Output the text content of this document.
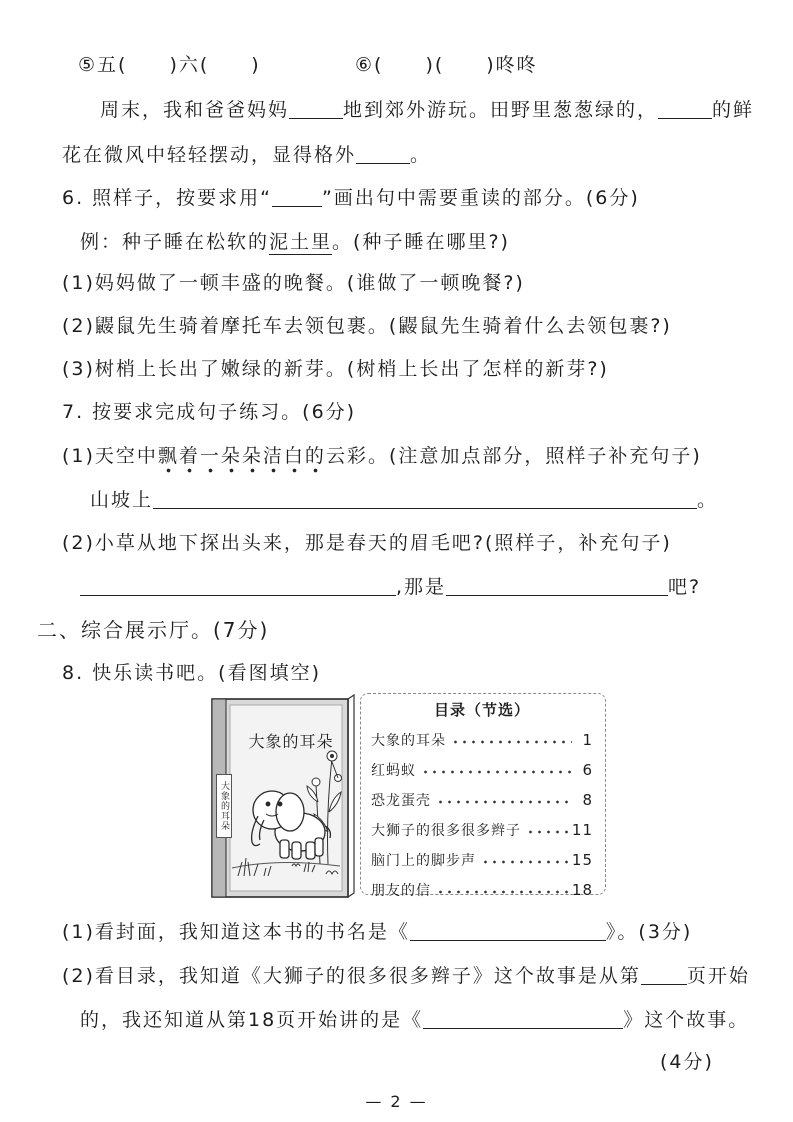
⑤五(　　)六(　　)	⑥(　　)(　　)咚咚
周末，我和爸爸妈妈	地到郊外游玩。田野里葱葱绿的，	的鲜
花在微风中轻轻摆动，显得格外	。
6. 照样子，按要求用“	”画出句中需要重读的部分。(6分)
例：种子睡在松软的泥土里。(种子睡在哪里?)
(1)妈妈做了一顿丰盛的晚餐。(谁做了一顿晚餐?)
(2)鼹鼠先生骑着摩托车去领包裹。(鼹鼠先生骑着什么去领包裹?)
(3)树梢上长出了嫩绿的新芽。(树梢上长出了怎样的新芽?)
7. 按要求完成句子练习。(6分)
(1)天空中飘着一朵朵洁白的云彩。(注意加点部分，照样子补充句子)
山坡上	。
(2)小草从地下探出头来，那是春天的眉毛吧?(照样子，补充句子)
,那是	吧?
二、综合展示厅。(7分)
8. 快乐读书吧。(看图填空)
大象的耳朵
大象的耳朵
目录（节选）
大象的耳朵	1
红蚂蚁	6
恐龙蛋壳	8
大狮子的很多很多辫子	11
脑门上的脚步声	15
朋友的信	18
(1)看封面，我知道这本书的书名是《	》。(3分)
(2)看目录，我知道《大狮子的很多很多辫子》这个故事是从第 页开始
的，我还知道从第18页开始讲的是《	》这个故事。
(4分)
— 2 —
